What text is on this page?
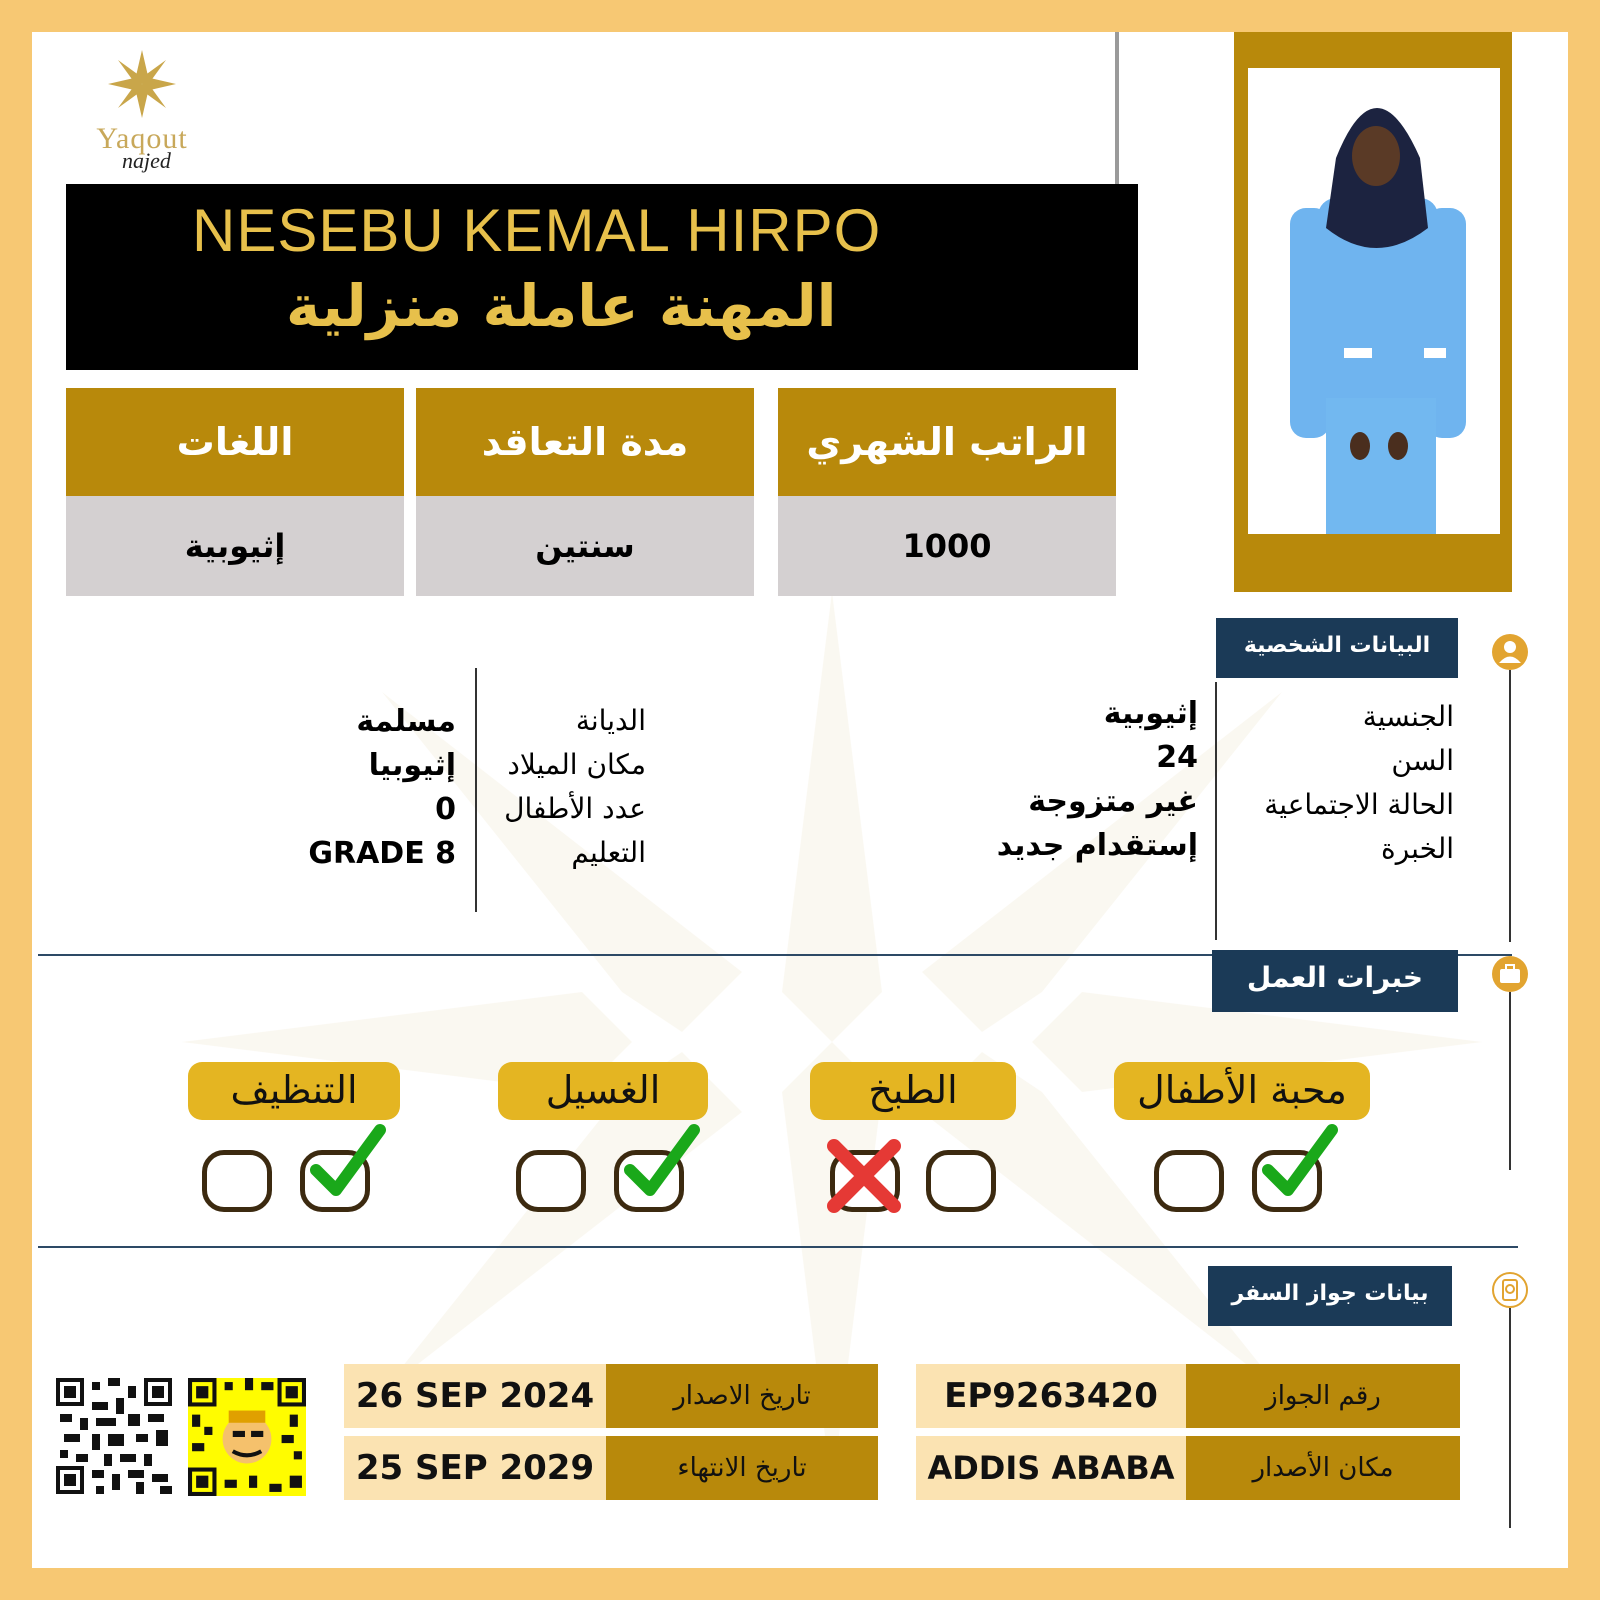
Yaqout
najed
NESEBU KEMAL HIRPO
المهنة عاملة منزلية
الراتب الشهري
1000
مدة التعاقد
سنتين
اللغات
إثيوبية
البيانات الشخصية
الجنسية
السن
الحالة الاجتماعية
الخبرة
إثيوبية
24
غير متزوجة
إستقدام جديد
الديانة
مكان الميلاد
عدد الأطفال
التعليم
مسلمة
إثيوبيا
0
GRADE 8
خبرات العمل
محبة الأطفال
الطبخ
الغسيل
التنظيف
بيانات جواز السفر
رقم الجواز
EP9263420
مكان الأصدار
ADDIS ABABA
تاريخ الاصدار
26 SEP 2024
تاريخ الانتهاء
25 SEP 2029
